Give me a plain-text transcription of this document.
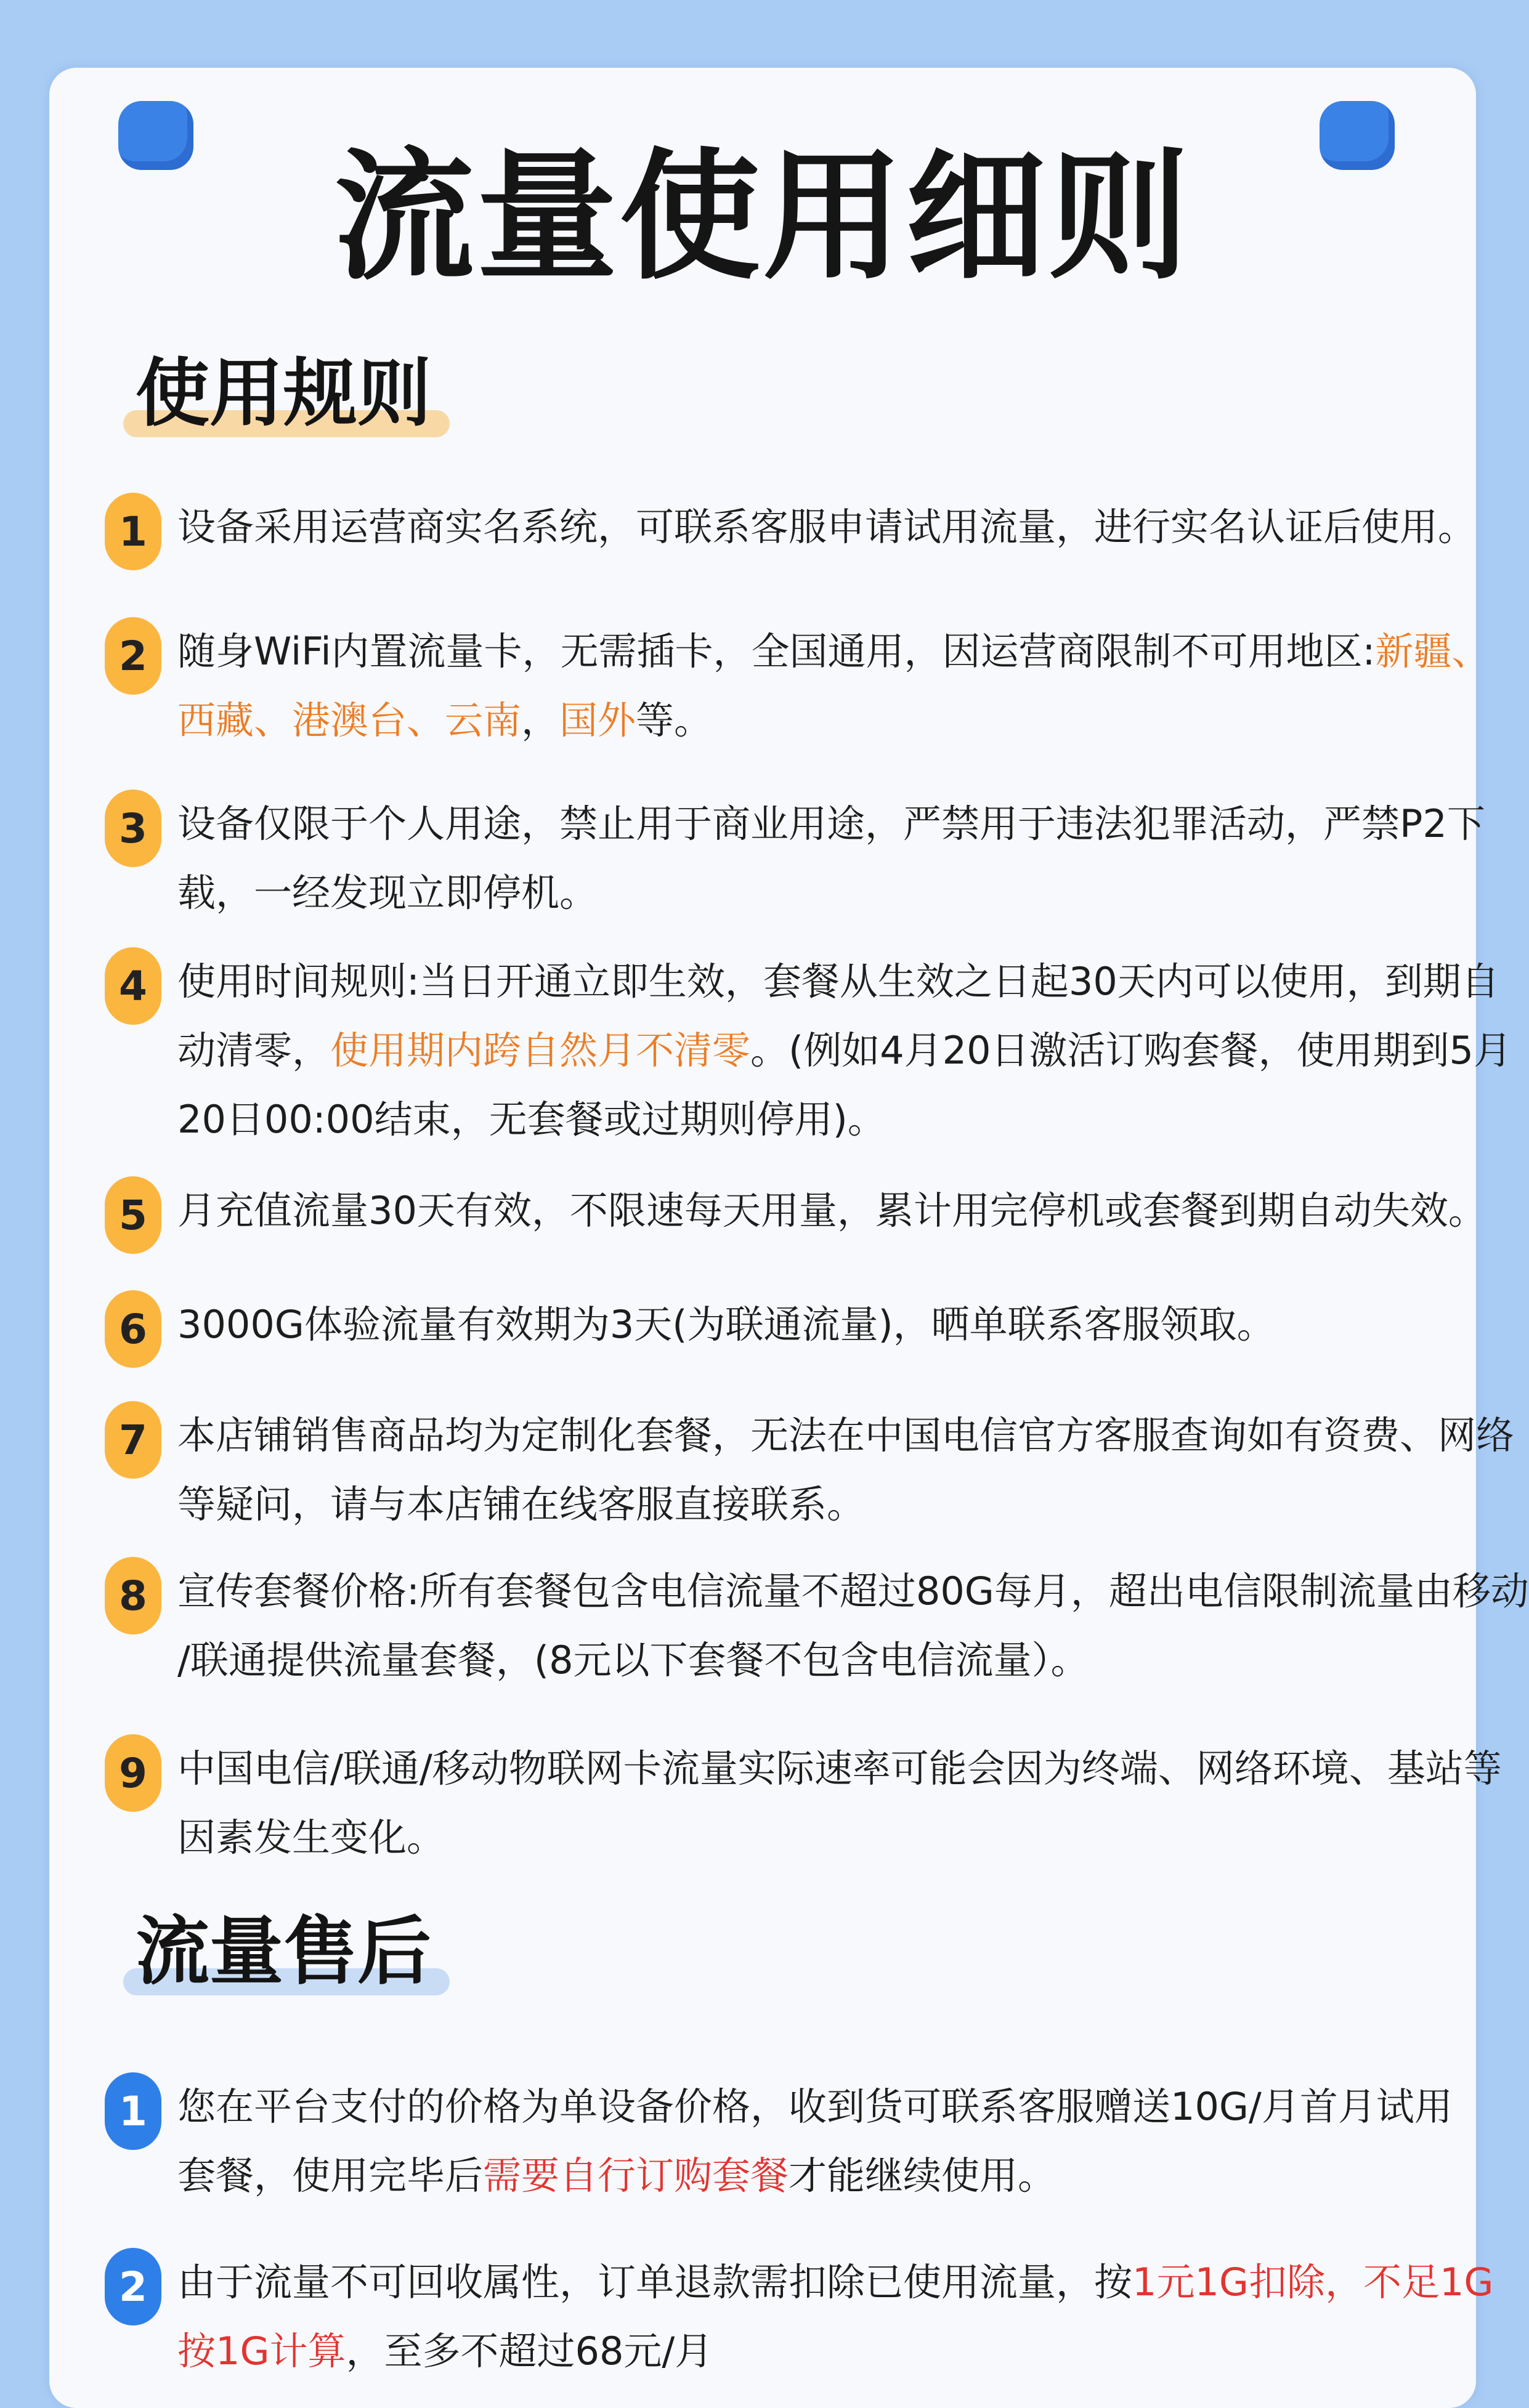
流量使用细则
使用规则
流量售后
1 设备采用运营商实名系统，可联系客服申请试用流量，进行实名认证后使用。
2 随身WiFi内置流量卡，无需插卡，全国通用，因运营商限制不可用地区:新疆、
西藏、港澳台、云南，国外等。
3 设备仅限于个人用途，禁止用于商业用途，严禁用于违法犯罪活动，严禁P2下
载，一经发现立即停机。
4 使用时间规则:当日开通立即生效，套餐从生效之日起30天内可以使用，到期自
动清零，使用期内跨自然月不清零。(例如4月20日激活订购套餐，使用期到5月
20日00:00结束，无套餐或过期则停用)。
5 月充值流量30天有效，不限速每天用量，累计用完停机或套餐到期自动失效。
6 3000G体验流量有效期为3天(为联通流量)，晒单联系客服领取。
7 本店铺销售商品均为定制化套餐，无法在中国电信官方客服查询如有资费、网络
等疑问，请与本店铺在线客服直接联系。
8 宣传套餐价格:所有套餐包含电信流量不超过80G每月，超出电信限制流量由移动
/联通提供流量套餐，(8元以下套餐不包含电信流量）。
9 中国电信/联通/移动物联网卡流量实际速率可能会因为终端、网络环境、基站等
因素发生变化。
1 您在平台支付的价格为单设备价格，收到货可联系客服赠送10G/月首月试用
套餐，使用完毕后需要自行订购套餐才能继续使用。
2 由于流量不可回收属性，订单退款需扣除已使用流量，按1元1G扣除，不足1G
按1G计算，至多不超过68元/月
